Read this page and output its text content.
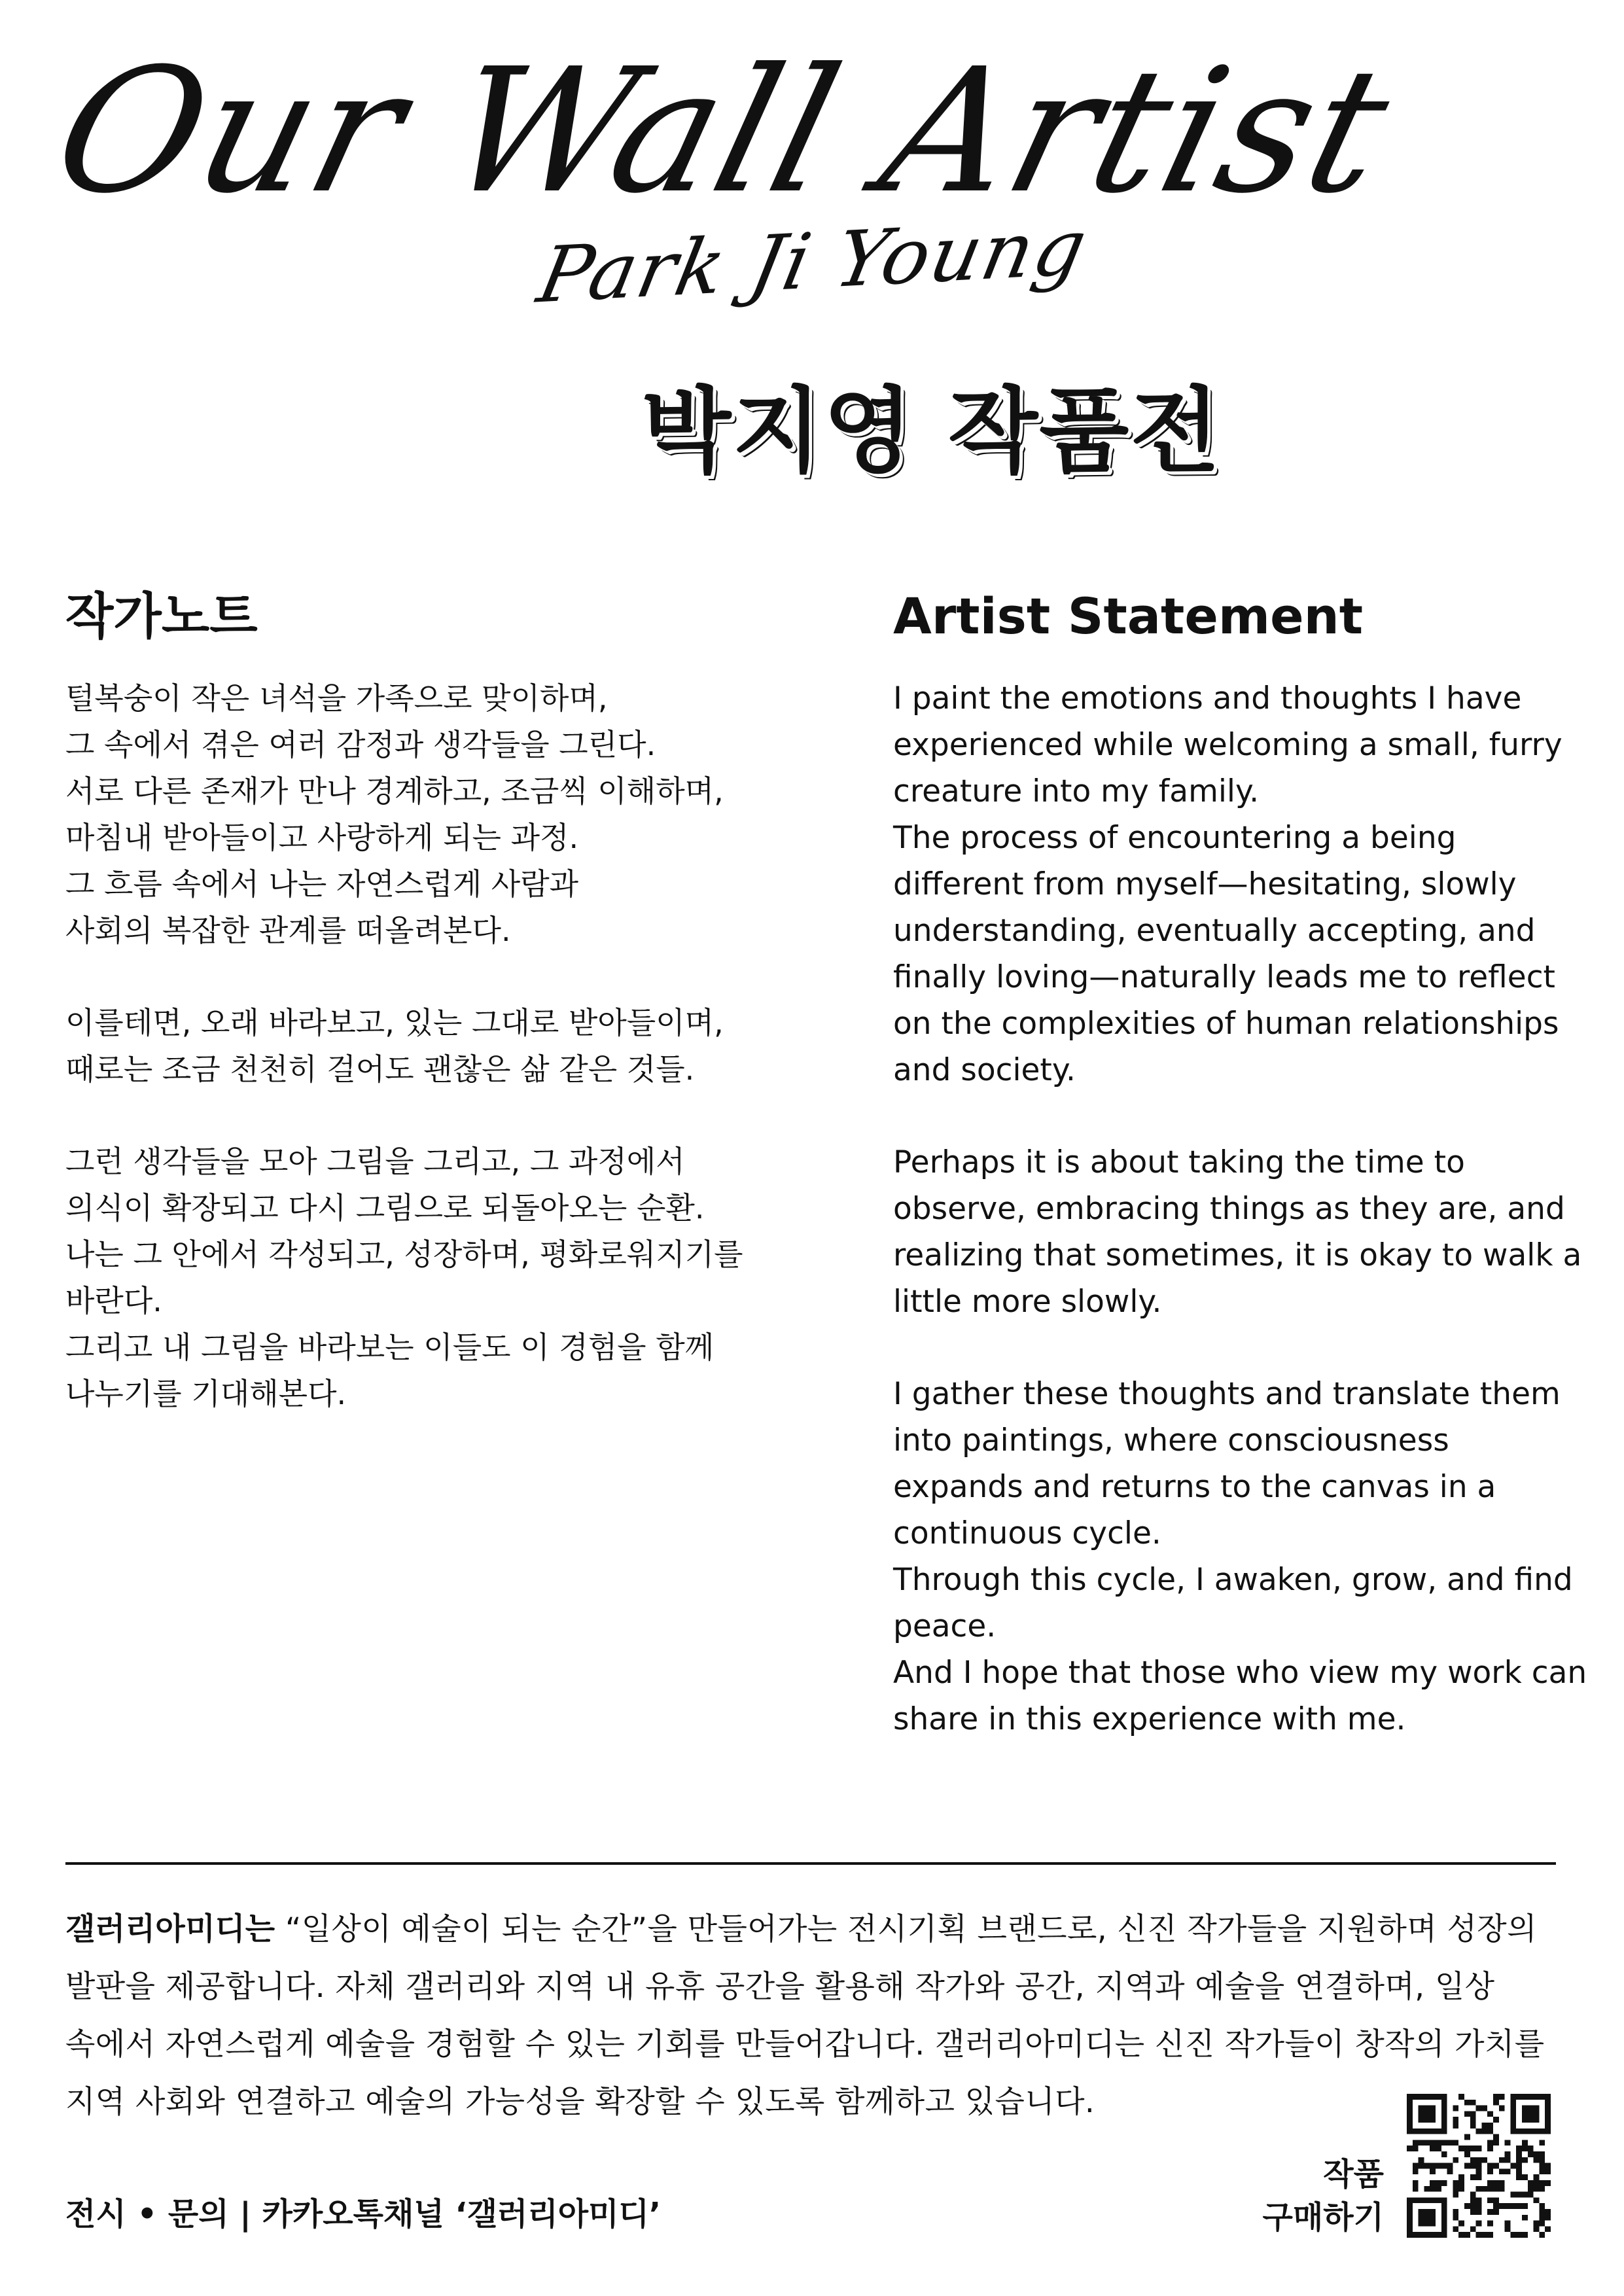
Our Wall Artist
Park Ji Young
박지영 작품전
작가노트

털복숭이 작은 녀석을 가족으로 맞이하며,
그 속에서 겪은 여러 감정과 생각들을 그린다.
서로 다른 존재가 만나 경계하고, 조금씩 이해하며,
마침내 받아들이고 사랑하게 되는 과정.
그 흐름 속에서 나는 자연스럽게 사람과
사회의 복잡한 관계를 떠올려본다.

이를테면, 오래 바라보고, 있는 그대로 받아들이며,
때로는 조금 천천히 걸어도 괜찮은 삶 같은 것들.

그런 생각들을 모아 그림을 그리고, 그 과정에서
의식이 확장되고 다시 그림으로 되돌아오는 순환.
나는 그 안에서 각성되고, 성장하며, 평화로워지기를
바란다.
그리고 내 그림을 바라보는 이들도 이 경험을 함께
나누기를 기대해본다.

Artist Statement

I paint the emotions and thoughts I have
experienced while welcoming a small, furry
creature into my family.
The process of encountering a being
different from myself—hesitating, slowly
understanding, eventually accepting, and
finally loving—naturally leads me to reflect
on the complexities of human relationships
and society.

Perhaps it is about taking the time to
observe, embracing things as they are, and
realizing that sometimes, it is okay to walk a
little more slowly.

I gather these thoughts and translate them
into paintings, where consciousness
expands and returns to the canvas in a
continuous cycle.
Through this cycle, I awaken, grow, and find
peace.
And I hope that those who view my work can
share in this experience with me.

갤러리아미디는 “일상이 예술이 되는 순간”을 만들어가는 전시기획 브랜드로, 신진 작가들을 지원하며 성장의
발판을 제공합니다. 자체 갤러리와 지역 내 유휴 공간을 활용해 작가와 공간, 지역과 예술을 연결하며, 일상
속에서 자연스럽게 예술을 경험할 수 있는 기회를 만들어갑니다. 갤러리아미디는 신진 작가들이 창작의 가치를
지역 사회와 연결하고 예술의 가능성을 확장할 수 있도록 함께하고 있습니다.
전시 • 문의 | 카카오톡채널 ‘갤러리아미디’
작품
구매하기
